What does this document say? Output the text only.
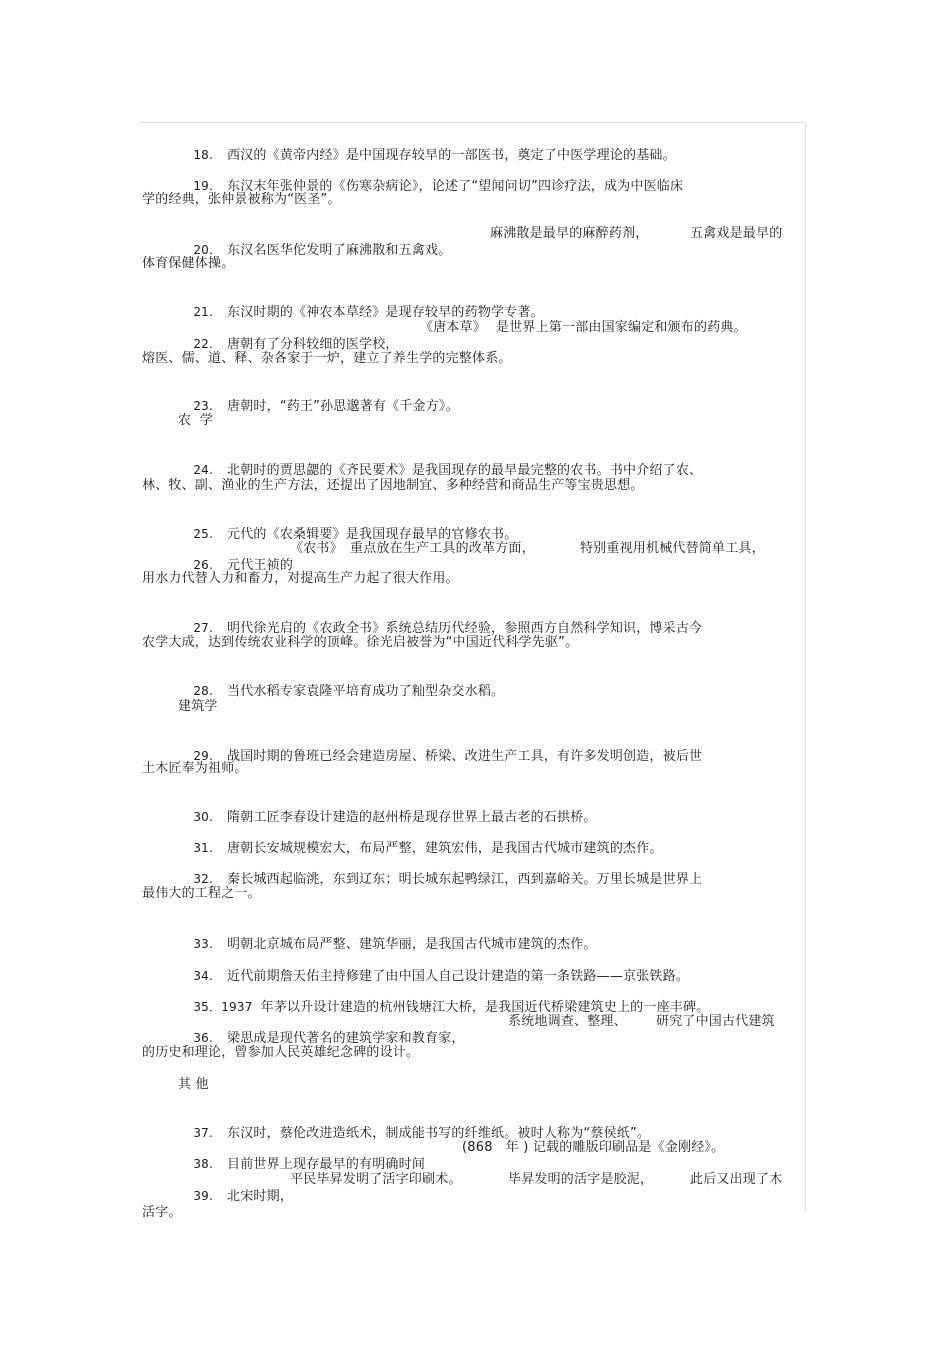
18. 西汉的《黄帝内经》是中国现存较早的一部医书，奠定了中医学理论的基础。

19. 东汉末年张仲景的《伤寒杂病论》，论述了“望闻问切”四诊疗法，成为中医临床

学的经典，张仲景被称为“医圣”。

20. 东汉名医华佗发明了麻沸散和五禽戏。

麻沸散是最早的麻醉药剂，	五禽戏是最早的
体育保健体操。

21. 东汉时期的《神农本草经》是现存较早的药物学专著。

22. 唐朝有了分科较细的医学校，

《唐本草》 是世界上第一部由国家编定和颁布的药典。
熔医、儒、道、释、杂各家于一炉，建立了养生学的完整体系。

23. 唐朝时，“药王”孙思邈著有《千金方》。

农  学

24. 北朝时的贾思勰的《齐民要术》是我国现存的最早最完整的农书。书中介绍了农、

林、牧、副、渔业的生产方法，还提出了因地制宜、多种经营和商品生产等宝贵思想。

25. 元代的《农桑辑要》是我国现存最早的官修农书。

26. 元代王祯的

《农书》 重点放在生产工具的改革方面，	特别重视用机械代替简单工具，
用水力代替人力和畜力，对提高生产力起了很大作用。

27. 明代徐光启的《农政全书》系统总结历代经验，参照西方自然科学知识，博采古今

农学大成，达到传统农业科学的顶峰。徐光启被誉为“中国近代科学先驱”。

28. 当代水稻专家袁隆平培育成功了籼型杂交水稻。

建筑学

29. 战国时期的鲁班已经会建造房屋、桥梁、改进生产工具，有许多发明创造，被后世

土木匠奉为祖师。

30. 隋朝工匠李春设计建造的赵州桥是现存世界上最古老的石拱桥。

31. 唐朝长安城规模宏大，布局严整，建筑宏伟，是我国古代城市建筑的杰作。

32. 秦长城西起临洮，东到辽东；明长城东起鸭绿江，西到嘉峪关。万里长城是世界上

最伟大的工程之一。

33. 明朝北京城布局严整、建筑华丽，是我国古代城市建筑的杰作。

34. 近代前期詹天佑主持修建了由中国人自己设计建造的第一条铁路——京张铁路。

35．1937 年茅以升设计建造的杭州钱塘江大桥，是我国近代桥梁建筑史上的一座丰碑。

36. 梁思成是现代著名的建筑学家和教育家，

系统地调查、整理、 研究了中国古代建筑
的历史和理论，曾参加人民英雄纪念碑的设计。
其 他

37. 东汉时，蔡伦改进造纸术，制成能书写的纤维纸。被时人称为“蔡侯纸”。

38. 目前世界上现存最早的有明确时间

(868   年 ) 记载的雕版印刷品是《金刚经》。

39. 北宋时期，

平民毕昇发明了活字印刷术。	毕昇发明的活字是胶泥，	此后又出现了木
活字。
